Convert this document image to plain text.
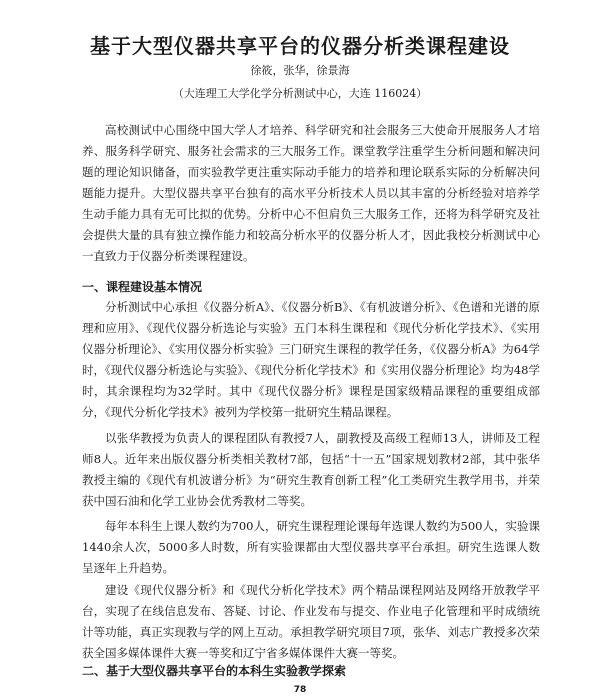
基于大型仪器共享平台的仪器分析类课程建设
徐筱，张华，徐景海
（大连理工大学化学分析测试中心，大连 116024）

高校测试中心围绕中国大学人才培养、科学研究和社会服务三大使命开展服务人才培养、服务科学研究、服务社会需求的三大服务工作。课堂教学注重学生分析问题和解决问题的理论知识储备，而实验教学更注重实际动手能力的培养和理论联系实际的分析解决问题能力提升。大型仪器共享平台独有的高水平分析技术人员以其丰富的分析经验对培养学生动手能力具有无可比拟的优势。分析中心不但肩负三大服务工作，还将为科学研究及社会提供大量的具有独立操作能力和较高分析水平的仪器分析人才，因此我校分析测试中心一直致力于仪器分析类课程建设。

一、课程建设基本情况

分析测试中心承担《仪器分析A》、《仪器分析B》、《有机波谱分析》、《色谱和光谱的原理和应用》、《现代仪器分析选论与实验》五门本科生课程和《现代分析化学技术》、《实用仪器分析理论》、《实用仪器分析实验》三门研究生课程的教学任务，《仪器分析A》为64学时，《现代仪器分析选论与实验》、《现代分析化学技术》和《实用仪器分析理论》均为48学时，其余课程均为32学时。其中《现代仪器分析》课程是国家级精品课程的重要组成部分，《现代分析化学技术》被列为学校第一批研究生精品课程。

以张华教授为负责人的课程团队有教授7人，副教授及高级工程师13人，讲师及工程师8人。近年来出版仪器分析类相关教材7部，包括“十一五”国家规划教材2部，其中张华教授主编的《现代有机波谱分析》为“研究生教育创新工程”化工类研究生教学用书，并荣获中国石油和化学工业协会优秀教材二等奖。

每年本科生上课人数约为700人，研究生课程理论课每年选课人数约为500人，实验课1440余人次，5000多人时数，所有实验课都由大型仪器共享平台承担。研究生选课人数呈逐年上升趋势。

建设《现代仪器分析》和《现代分析化学技术》两个精品课程网站及网络开放教学平台，实现了在线信息发布、答疑、讨论、作业发布与提交、作业电子化管理和平时成绩统计等功能，真正实现教与学的网上互动。承担教学研究项目7项，张华、刘志广教授多次荣获全国多媒体课件大赛一等奖和辽宁省多媒体课件大赛一等奖。

二、基于大型仪器共享平台的本科生实验教学探索

78
